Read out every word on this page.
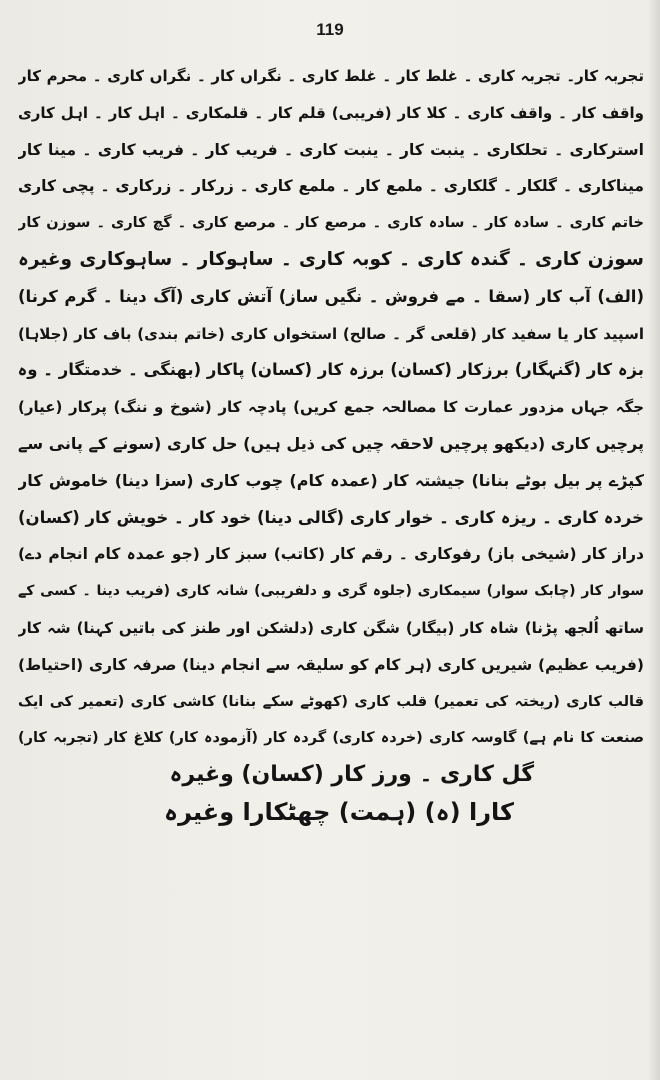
119
تجربہ کار۔ تجربہ کاری ۔ غلط کار ۔ غلط کاری ۔ نگراں کار ۔ نگراں کاری ۔ محرم کار
واقف کار ۔ واقف کاری ۔ کلا کار (فریبی) قلم کار ۔ قلمکاری ۔ اہل کار ۔ اہل کاری
استرکاری ۔ تحلکاری ۔ ینبت کار ۔ ینبت کاری ۔ فریب کار ۔ فریب کاری ۔ مینا کار
میناکاری ۔ گلکار ۔ گلکاری ۔ ملمع کار ۔ ملمع کاری ۔ زرکار ۔ زرکاری ۔ پچی کاری
خاتم کاری ۔ سادہ کار ۔ سادہ کاری ۔ مرصع کار ۔ مرصع کاری ۔ گچ کاری ۔ سوزن کار
سوزن کاری ۔ گندہ کاری ۔ کوبہ کاری ۔ ساہوکار ۔ ساہوکاری وغیرہ
(الف) آب کار (سقا ۔ مے فروش ۔ نگیں ساز) آتش کاری (آگ دینا ۔ گرم کرنا)
اسپید کار یا سفید کار (قلعی گر ۔ صالح) استخواں کاری (خاتم بندی) باف کار (جلاہا)
بزہ کار (گنہگار) برزکار (کسان) برزہ کار (کسان) پاکار (بھنگی ۔ خدمتگار ۔ وہ
جگہ جہاں مزدور عمارت کا مصالحہ جمع کریں) پادچہ کار (شوخ و ننگ) پرکار (عیار)
پرچیں کاری (دیکھو پرچیں لاحقہ چیں کی ذیل ہیں) حل کاری (سونے کے پانی سے
کپڑے پر بیل بوٹے بنانا) جیشتہ کار (عمدہ کام) چوب کاری (سزا دینا) خاموش کار
خردہ کاری ۔ ریزہ کاری ۔ خوار کاری (گالی دینا) خود کار ۔ خویش کار (کسان)
دراز کار (شیخی باز) رفوکاری ۔ رقم کار (کاتب) سبز کار (جو عمدہ کام انجام دے)
سوار کار (چابک سوار) سیمکاری (جلوہ گری و دلفریبی) شانہ کاری (فریب دینا ۔ کسی کے
ساتھ اُلجھ پڑنا) شاہ کار (بیگار) شگن کاری (دلشکن اور طنز کی باتیں کہنا) شہ کار
(فریب عظیم) شیریں کاری (ہر کام کو سلیقہ سے انجام دینا) صرفہ کاری (احتیاط)
قالب کاری (ریختہ کی تعمیر) قلب کاری (کھوٹے سکے بنانا) کاشی کاری (تعمیر کی ایک
صنعت کا نام ہے) گاوسہ کاری (خردہ کاری) گردہ کار (آزمودہ کار) کلاغ کار (تجربہ کار)
گل کاری ۔ ورز کار (کسان) وغیرہ
کارا (ہ) (ہمت) چھٹکارا وغیرہ
